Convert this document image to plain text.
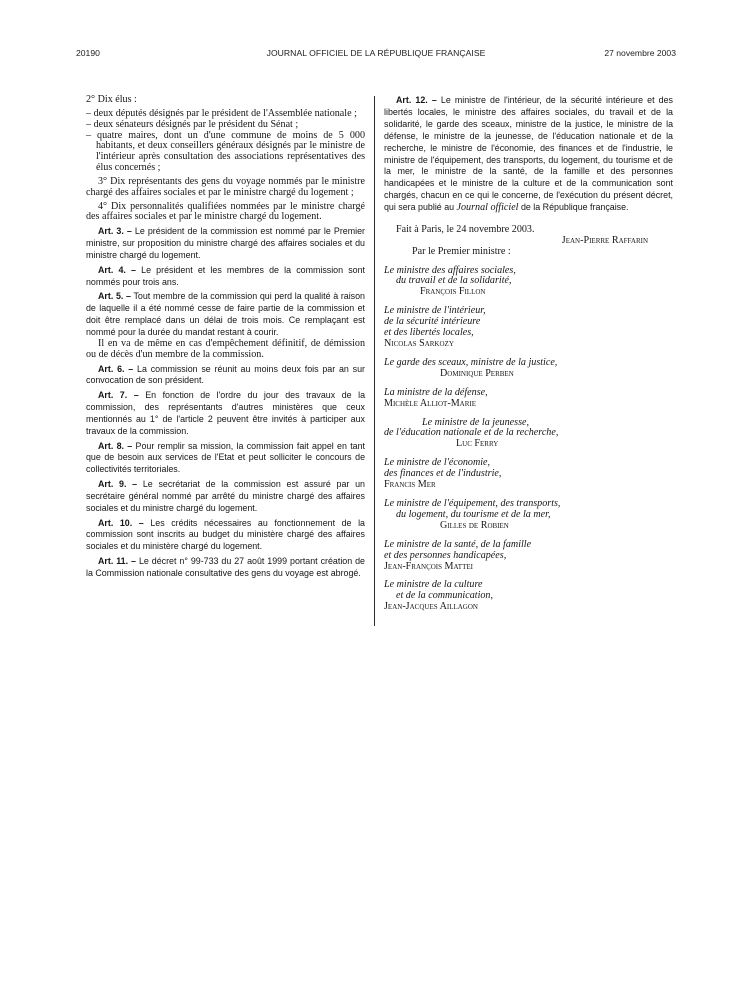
20190	JOURNAL OFFICIEL DE LA RÉPUBLIQUE FRANÇAISE	27 novembre 2003

2° Dix élus :

– deux députés désignés par le président de l'Assemblée nationale ;

– deux sénateurs désignés par le président du Sénat ;

– quatre maires, dont un d'une commune de moins de 5 000 habitants, et deux conseillers généraux désignés par le ministre de l'intérieur après consultation des associations représentatives des élus concernés ;

3° Dix représentants des gens du voyage nommés par le ministre chargé des affaires sociales et par le ministre chargé du logement ;

4° Dix personnalités qualifiées nommées par le ministre chargé des affaires sociales et par le ministre chargé du logement.

Art. 3. – Le président de la commission est nommé par le Premier ministre, sur proposition du ministre chargé des affaires sociales et du ministre chargé du logement.

Art. 4. – Le président et les membres de la commission sont nommés pour trois ans.

Art. 5. – Tout membre de la commission qui perd la qualité à raison de laquelle il a été nommé cesse de faire partie de la commission et doit être remplacé dans un délai de trois mois. Ce remplaçant est nommé pour la durée du mandat restant à courir.

Il en va de même en cas d'empêchement définitif, de démission ou de décès d'un membre de la commission.

Art. 6. – La commission se réunit au moins deux fois par an sur convocation de son président.

Art. 7. – En fonction de l'ordre du jour des travaux de la commission, des représentants d'autres ministères que ceux mentionnés au 1° de l'article 2 peuvent être invités à participer aux travaux de la commission.

Art. 8. – Pour remplir sa mission, la commission fait appel en tant que de besoin aux services de l'Etat et peut solliciter le concours de collectivités territoriales.

Art. 9. – Le secrétariat de la commission est assuré par un secrétaire général nommé par arrêté du ministre chargé des affaires sociales et du ministre chargé du logement.

Art. 10. – Les crédits nécessaires au fonctionnement de la commission sont inscrits au budget du ministère chargé des affaires sociales et du ministère chargé du logement.

Art. 11. – Le décret n° 99-733 du 27 août 1999 portant création de la Commission nationale consultative des gens du voyage est abrogé.

Art. 12. – Le ministre de l'intérieur, de la sécurité intérieure et des libertés locales, le ministre des affaires sociales, du travail et de la solidarité, le garde des sceaux, ministre de la justice, le ministre de la défense, le ministre de la jeunesse, de l'éducation nationale et de la recherche, le ministre de l'économie, des finances et de l'industrie, le ministre de l'équipement, des transports, du logement, du tourisme et de la mer, le ministre de la santé, de la famille et des personnes handicapées et le ministre de la culture et de la communication sont chargés, chacun en ce qui le concerne, de l'exécution du présent décret, qui sera publié au Journal officiel de la République française.

Fait à Paris, le 24 novembre 2003.

Jean-Pierre Raffarin

Par le Premier ministre :

Le ministre des affaires sociales,

du travail et de la solidarité,

François Fillon

Le ministre de l'intérieur,

de la sécurité intérieure

et des libertés locales,

Nicolas Sarkozy

Le garde des sceaux, ministre de la justice,

Dominique Perben

La ministre de la défense,

Michèle Alliot-Marie

Le ministre de la jeunesse,

de l'éducation nationale et de la recherche,

Luc Ferry

Le ministre de l'économie,

des finances et de l'industrie,

Francis Mer

Le ministre de l'équipement, des transports,

du logement, du tourisme et de la mer,

Gilles de Robien

Le ministre de la santé, de la famille

et des personnes handicapées,

Jean-François Mattei

Le ministre de la culture

et de la communication,

Jean-Jacques Aillagon
